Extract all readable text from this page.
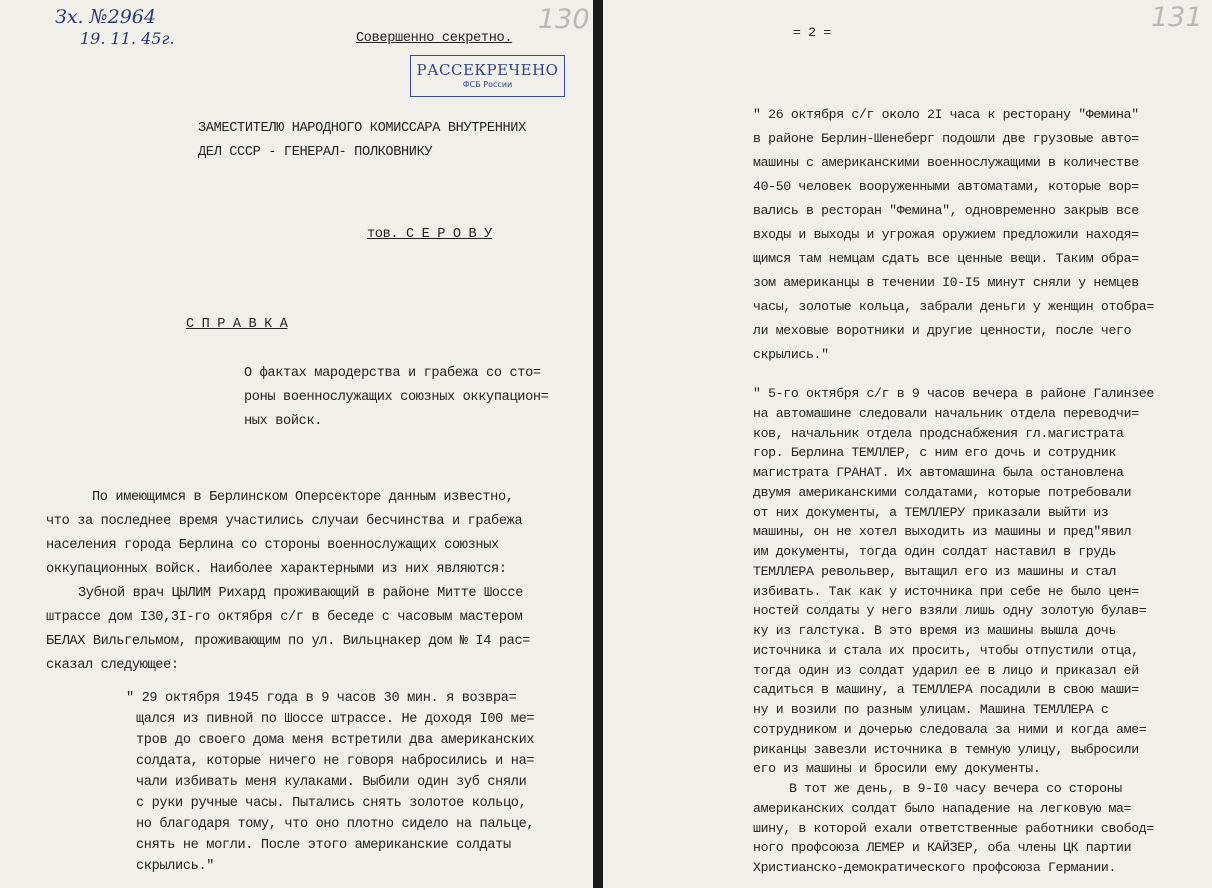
Зх. №2964
19. 11. 45г.
130
Совершенно секретно.
РАССЕКРЕЧЕНО
ФСБ России
ЗАМЕСТИТЕЛЮ НАРОДНОГО КОМИССАРА ВНУТРЕННИХ
ДЕЛ СССР - ГЕНЕРАЛ- ПОЛКОВНИКУ
тов. С Е Р О В У
С П Р А В К А
О фактах мародерства и грабежа со сто=
роны военнослужащих союзных оккупацион=
ных войск.
По имеющимся в Берлинском Оперсекторе данным известно,
что за последнее время участились случаи бесчинства и грабежа
населения города Берлина со стороны военнослужащих союзных
оккупационных войск. Наиболее характерными из них являются:
Зубной врач ЦЫЛИМ Рихард проживающий в районе Митте Шоссе
штрассе дом I30,3I-го октября с/г в беседе с часовым мастером
БЕЛАХ Вильгельмом, проживающим по ул. Вильцнакер дом № I4 рас=
сказал следующее:
" 29 октября 1945 года в 9 часов 30 мин. я возвра=
щался из пивной по Шоссе штрассе. Не доходя I00 ме=
тров до своего дома меня встретили два американских
солдата, которые ничего не говоря набросились и на=
чали избивать меня кулаками. Выбили один зуб сняли
с руки ручные часы. Пытались снять золотое кольцо,
но благодаря тому, что оно плотно сидело на пальце,
снять не могли. После этого американские солдаты
скрылись."
= 2 =	131
" 26 октября с/г около 2I часа к ресторану "Фемина"
в районе Берлин-Шенеберг подошли две грузовые авто=
машины с американскими военнослужащими в количестве
40-50 человек вооруженными автоматами, которые вор=
вались в ресторан "Фемина", одновременно закрыв все
входы и выходы и угрожая оружием предложили находя=
щимся там немцам сдать все ценные вещи. Таким обра=
зом американцы в течении I0-I5 минут сняли у немцев
часы, золотые кольца, забрали деньги у женщин отобра=
ли меховые воротники и другие ценности, после чего
скрылись."
" 5-го октября с/г в 9 часов вечера в районе Галинзее
на автомашине следовали начальник отдела переводчи=
ков, начальник отдела продснабжения гл.магистрата
гор. Берлина ТЕМЛЛЕР, с ним его дочь и сотрудник
магистрата ГРАНАТ. Их автомашина была остановлена
двумя американскими солдатами, которые потребовали
от них документы, а ТЕМЛЛЕРУ приказали выйти из
машины, он не хотел выходить из машины и пред"явил
им документы, тогда один солдат наставил в грудь
ТЕМЛЛЕРА револьвер, вытащил его из машины и стал
избивать. Так как у источника при себе не было цен=
ностей солдаты у него взяли лишь одну золотую булав=
ку из галстука. В это время из машины вышла дочь
источника и стала их просить, чтобы отпустили отца,
тогда один из солдат ударил ее в лицо и приказал ей
садиться в машину, а ТЕМЛЛЕРА посадили в свою маши=
ну и возили по разным улицам. Машина ТЕМЛЛЕРА с
сотрудником и дочерью следовала за ними и когда аме=
риканцы завезли источника в темную улицу, выбросили
его из машины и бросили ему документы.
В тот же день, в 9-I0 часу вечера со стороны
американских солдат было нападение на легковую ма=
шину, в которой ехали ответственные работники свобод=
ного профсоюза ЛЕМЕР и КАЙЗЕР, оба члены ЦК партии
Христианско-демократического профсоюза Германии.
